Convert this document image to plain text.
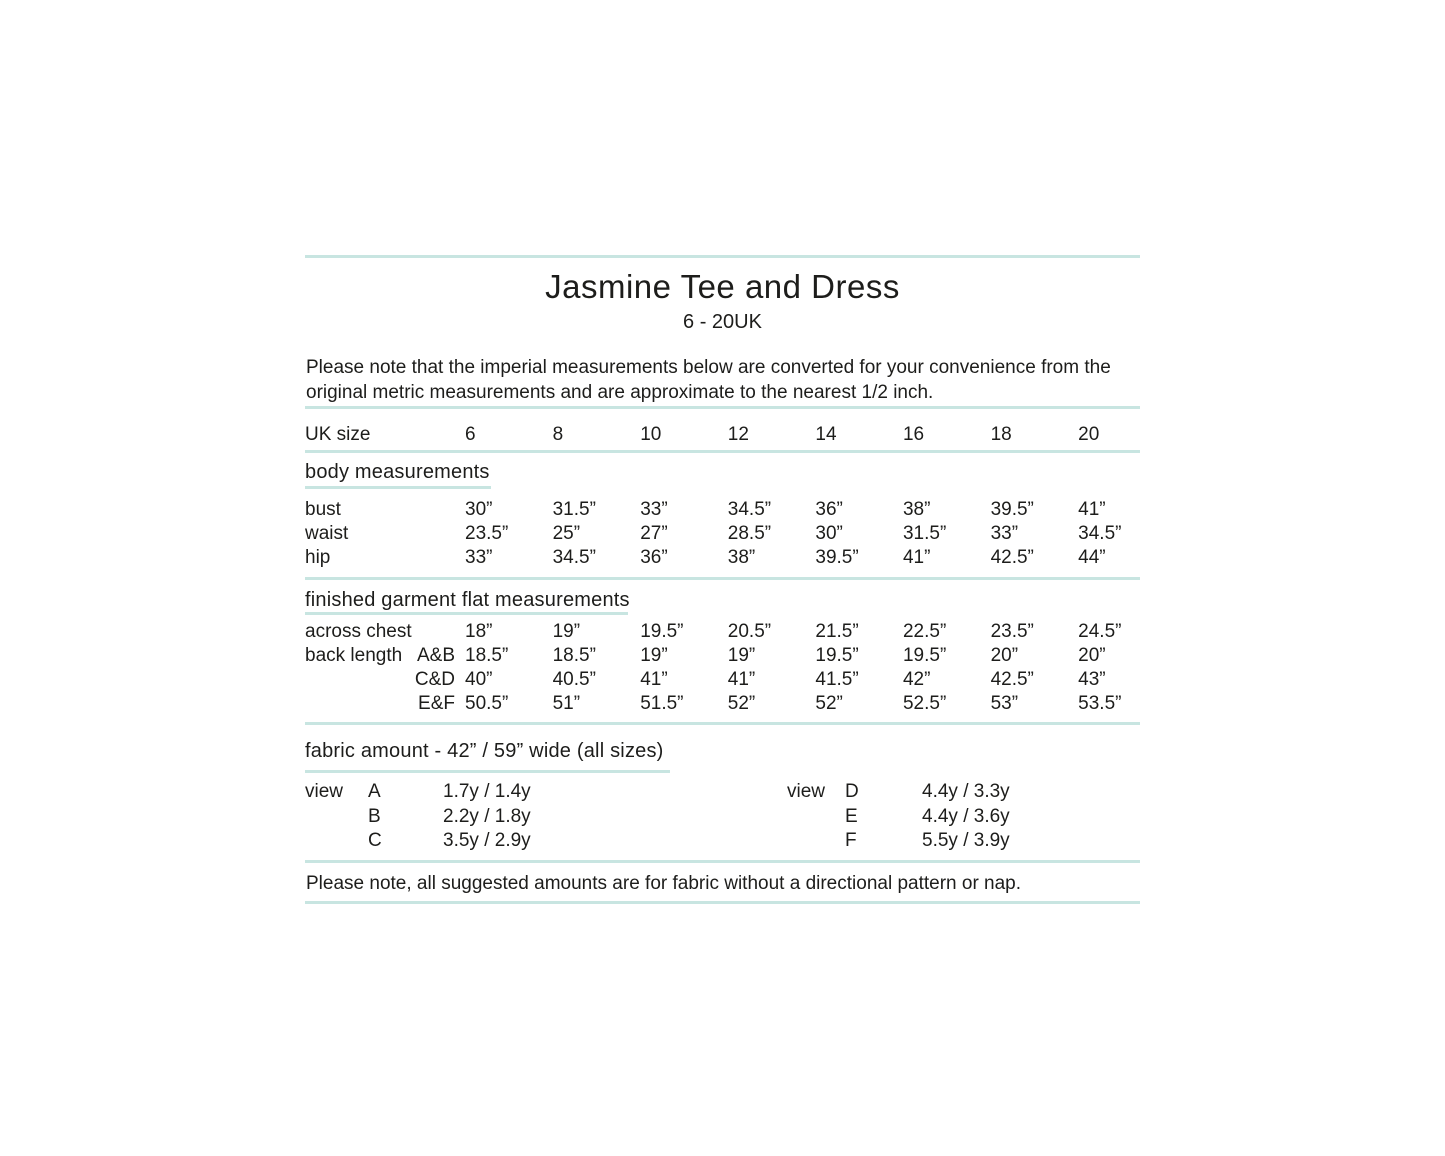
Jasmine Tee and Dress
6 - 20UK
Please note that the imperial measurements below are converted for your convenience from the original metric measurements and are approximate to the nearest 1/2 inch.
UK size	6	8	10	12	14	16	18	20
body measurements
bust	30”	31.5”	33”	34.5”	36”	38”	39.5”	41”
waist	23.5”	25”	27”	28.5”	30”	31.5”	33”	34.5”
hip	33”	34.5”	36”	38”	39.5”	41”	42.5”	44”
finished garment flat measurements
across chest	18”	19”	19.5”	20.5”	21.5”	22.5”	23.5”	24.5”
back length A&B 18.5”	18.5”	19”	19”	19.5”	19.5”	20”	20”
C&D 40”	40.5”	41”	41”	41.5”	42”	42.5”	43”
E&F 50.5”	51”	51.5”	52”	52”	52.5”	53”	53.5”
fabric amount - 42” / 59” wide (all sizes)
view	A	1.7y / 1.4y
B	2.2y / 1.8y
C	3.5y / 2.9y
view	D	4.4y / 3.3y
E	4.4y / 3.6y
F	5.5y / 3.9y
Please note, all suggested amounts are for fabric without a directional pattern or nap.
